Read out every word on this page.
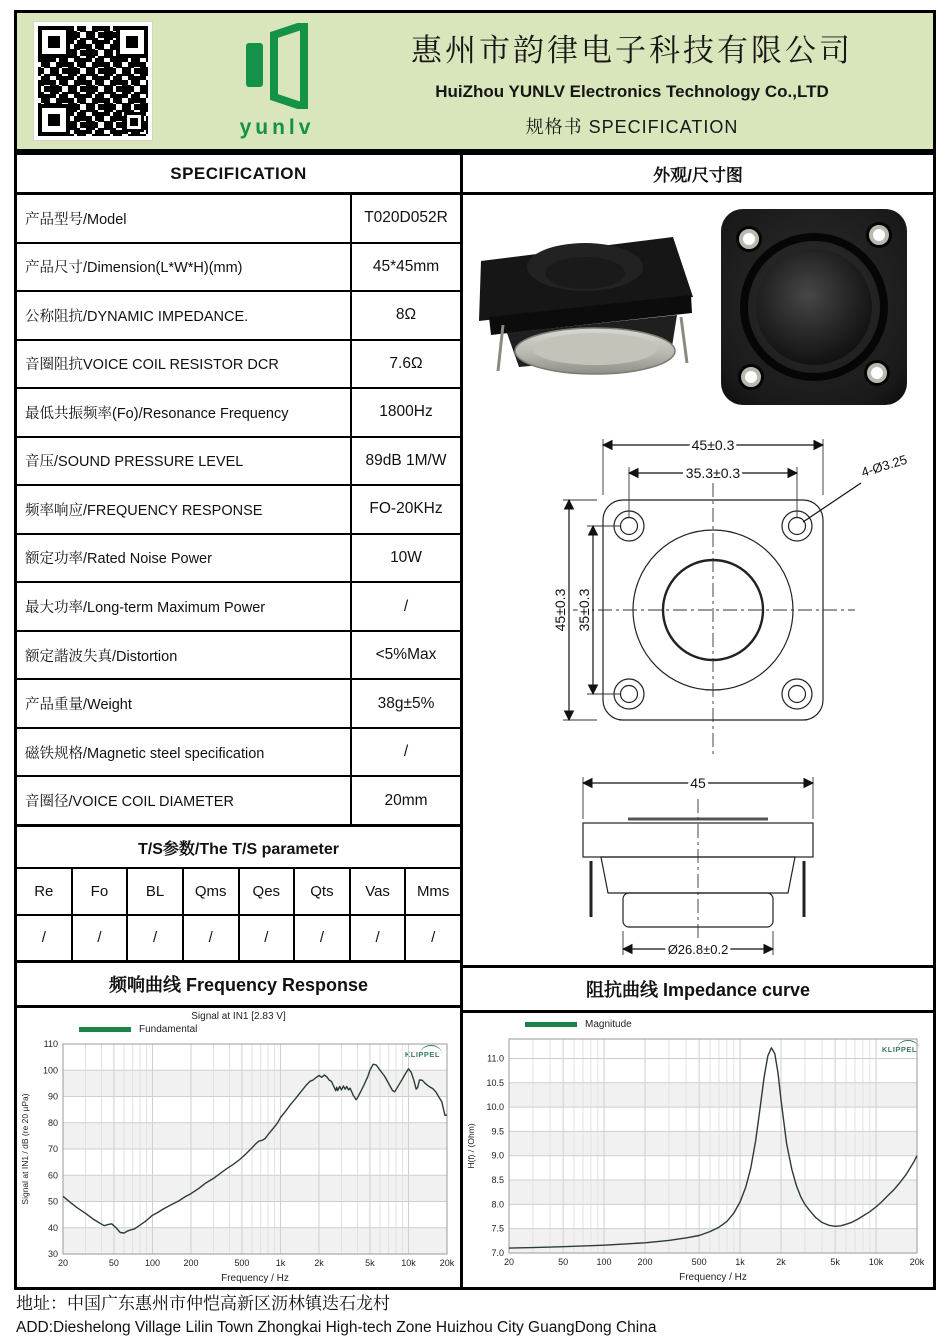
yunlv
惠州市韵律电子科技有限公司
HuiZhou YUNLV Electronics Technology Co.,LTD
规格书 SPECIFICATION
SPECIFICATION
产品型号/Model	T020D052R
产品尺寸/Dimension(L*W*H)(mm)	45*45mm
公称阻抗/DYNAMIC IMPEDANCE.	8Ω
音圈阻抗VOICE COIL RESISTOR DCR	7.6Ω
最低共振频率(Fo)/Resonance Frequency	1800Hz
音压/SOUND PRESSURE LEVEL	89dB 1M/W
频率响应/FREQUENCY RESPONSE	FO-20KHz
额定功率/Rated Noise Power	10W
最大功率/Long-term Maximum Power	/
额定諧波失真/Distortion	<5%Max
产品重量/Weight	38g±5%
磁铁规格/Magnetic steel specification	/
音圈径/VOICE COIL DIAMETER	20mm
T/S参数/The T/S parameter
Re	Fo	BL	Qms	Qes	Qts	Vas	Mms
/	/	/	/	/	/	/	/
频响曲线 Frequency Response
Signal at IN1 [2.83 V]
Fundamental
KLIPPEL
20	50	100	200	500	1k	2k	5k	10k	20k
30
40
50
60
70
80
90
100
110
Frequency / Hz
Signal at IN1 / dB (re 20 µPa)
外观/尺寸图
45±0.3
35.3±0.3
45±0.3 35±0.3
4-Ø3.25
45
Ø26.8±0.2
阻抗曲线 Impedance curve
Magnitude
KLIPPEL
20	50	100	200	500	1k	2k	5k	10k	20k
7.0
7.5
8.0
8.5
9.0
9.5
10.0
10.5
11.0
Frequency / Hz
H(f) / (Ohm)
地址：中国广东惠州市仲恺高新区沥林镇迭石龙村
ADD:Dieshelong Village Lilin Town Zhongkai High-tech Zone Huizhou City GuangDong China
